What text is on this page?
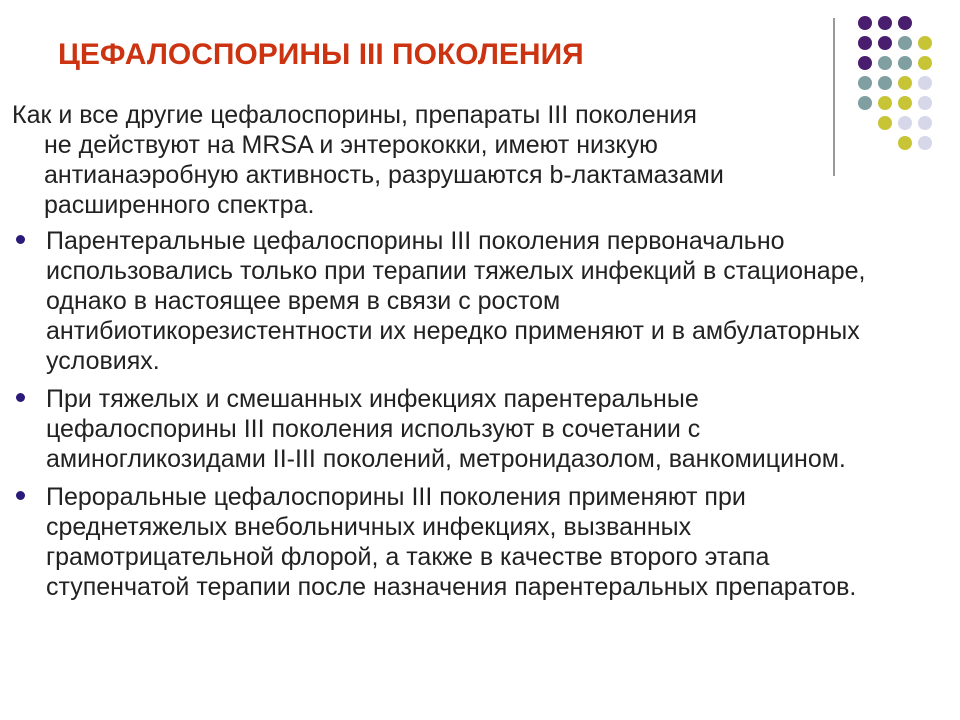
ЦЕФАЛОСПОРИНЫ III ПОКОЛЕНИЯ

Как и все другие цефалоспорины, препараты III поколения
не действуют на MRSA и энтерококки, имеют низкую антианаэробную активность, разрушаются b-лактамазами расширенного спектра.

Парентеральные цефалоспорины III поколения первоначально использовались только при терапии тяжелых инфекций в стационаре, однако в настоящее время в связи с ростом антибиотикорезистентности их нередко применяют и в амбулаторных условиях.
При тяжелых и смешанных инфекциях парентеральные цефалоспорины III поколения используют в сочетании с аминогликозидами II-III поколений, метронидазолом, ванкомицином.
Пероральные цефалоспорины III поколения применяют при среднетяжелых внебольничных инфекциях, вызванных грамотрицательной флорой, а также в качестве второго этапа ступенчатой терапии после назначения парентеральных препаратов.
